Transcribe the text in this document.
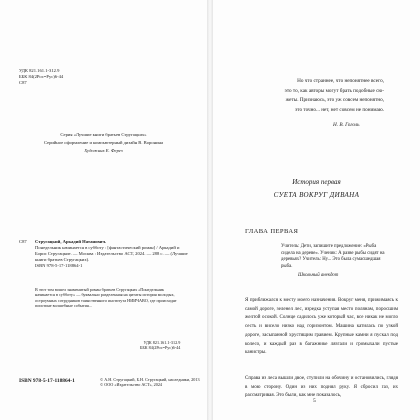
УДК 821.161.1-312.9
ББК 84(2Рос=Рус)6-44
С87
Серия «Лучшие книги братьев Стругацких»
Серийное оформление и компьютерный дизайн В. Воронина
Художник Е. Ферез
С87 Стругацкий, Аркадий Натанович.
Понедельник начинается в субботу : [фантастический роман] / Аркадий и Борис Стругацкие. — Москва : Издательство АСТ, 2024. — 288 с. — (Лучшие книги братьев Стругацких).
ISBN 978-5-17-118864-1
В этот том вошел знаменитый роман братьев Стругацких «Понедельник начинается в субботу» — буквально разделенная на цитаты история молодых, остроумных сотрудников таинственного института НИИЧАВО, где происходят поистине волшебные события...
УДК 821.161.1-312.9
ББК 84(2Рос=Рус)6-44
ISBN 978-5-17-118864-1	© А.Н. Стругацкий, Б.Н. Стругацкий, наследники, 2013
© ООО «Издательство АСТ», 2024
Но что страннее, что непонятнее всего,
это то, как авторы могут брать подобные сю-
жеты. Признаюсь, это уж совсем непонятно,
это точно... нет, нет совсем не понимаю.
Н. В. Гоголь
История первая
СУЕТА ВОКРУГ ДИВАНА
ГЛАВА ПЕРВАЯ
Учитель: Дети, запишите предложение: «Рыба сидела на дереве». Ученик: А разве рыбы сидят на деревьях? Учитель: Ну... Это была сумасшедшая рыба.
Школьный анекдот
Я приближался к месту моего назначения. Вокруг меня, прижимаясь к самой дороге, зеленел лес, изредка уступая место полянам, поросшим желтой осокой. Солнце садилось уже который час, все никак не могло сесть и висело низко над горизонтом. Машина катилась по узкой дороге, засыпанной хрустящим гравием. Крупные камни я пускал под колесо, и каждый раз в багажнике лязгали и громыхали пустые канистры.
Справа из леса вышли двое, ступили на обочину и остановились, глядя в мою сторону. Один из них поднял руку. Я сбросил газ, их рассматривая. Это были, как мне показалось,
5
